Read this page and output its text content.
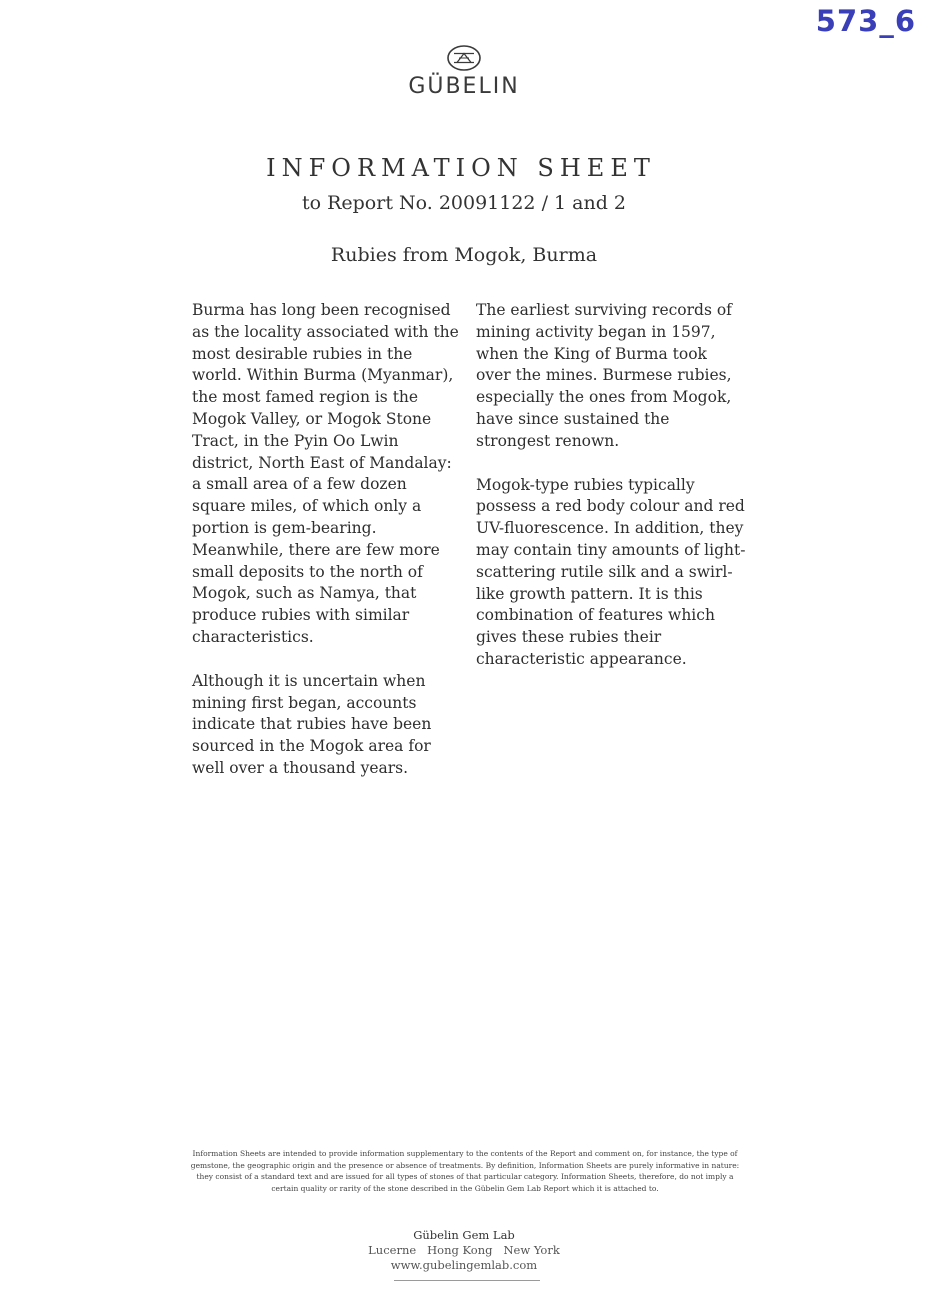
573_6
GÜBELIN
INFORMATION SHEET
to Report No. 20091122 / 1 and 2
Rubies from Mogok, Burma

Burma has long been recognised as the locality associated with the most desirable rubies in the world. Within Burma (Myanmar), the most famed region is the Mogok Valley, or Mogok Stone Tract, in the Pyin Oo Lwin district, North East of Mandalay: a small area of a few dozen square miles, of which only a portion is gem-bearing. Meanwhile, there are few more small deposits to the north of Mogok, such as Namya, that produce rubies with similar characteristics.

Although it is uncertain when mining first began, accounts indicate that rubies have been sourced in the Mogok area for well over a thousand years.

The earliest surviving records of mining activity began in 1597, when the King of Burma took over the mines. Burmese rubies, especially the ones from Mogok, have since sustained the strongest renown.

Mogok-type rubies typically possess a red body colour and red UV-fluorescence. In addition, they may contain tiny amounts of light-scattering rutile silk and a swirl-like growth pattern. It is this combination of features which gives these rubies their characteristic appearance.

Information Sheets are intended to provide information supplementary to the contents of the Report and comment on, for instance, the type of gemstone, the geographic origin and the presence or absence of treatments. By definition, Information Sheets are purely informative in nature: they consist of a standard text and are issued for all types of stones of that particular category. Information Sheets, therefore, do not imply a certain quality or rarity of the stone described in the Gübelin Gem Lab Report which it is attached to.
Gübelin Gem Lab
Lucerne   Hong Kong   New York
www.gubelingemlab.com
